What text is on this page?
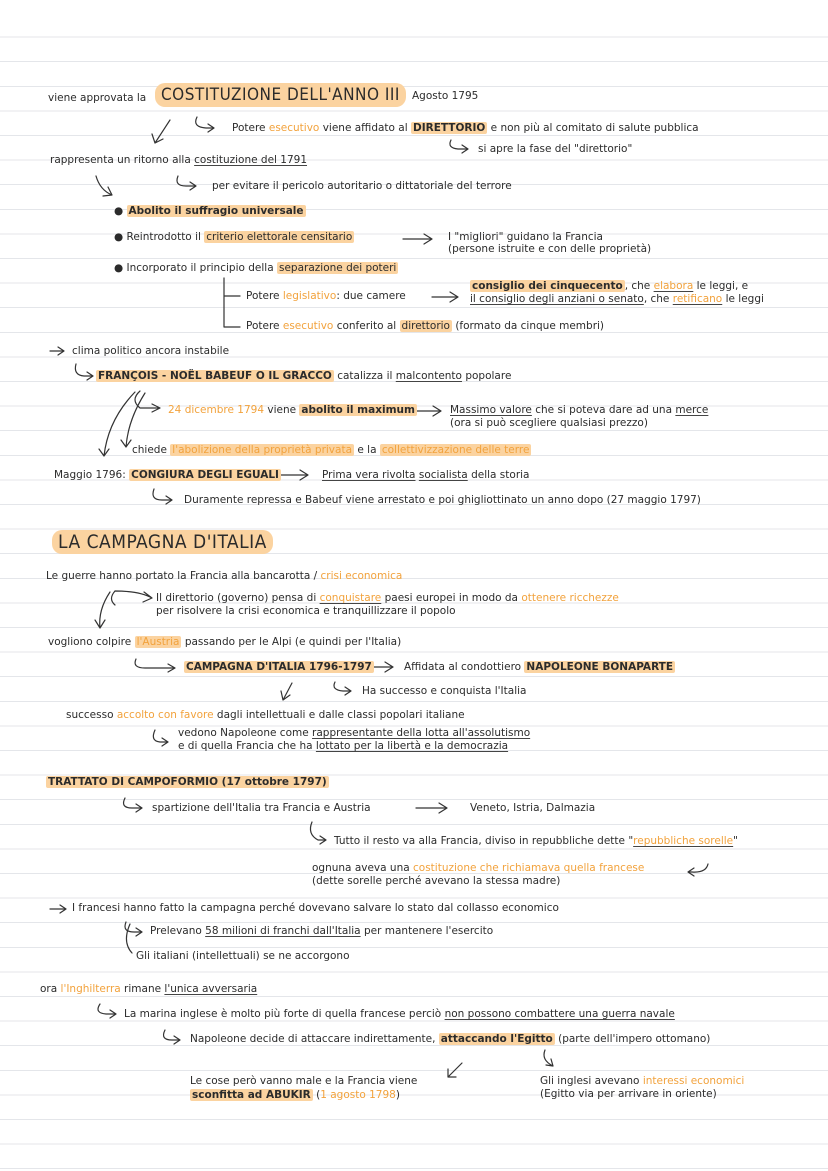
viene approvata la COSTITUZIONE DELL'ANNO III	Agosto 1795
Potere esecutivo viene affidato al DIRETTORIO e non più al comitato di salute pubblica
si apre la fase del "direttorio"
rappresenta un ritorno alla costituzione del 1791
per evitare il pericolo autoritario o dittatoriale del terrore
● Abolito il suffragio universale
● Reintrodotto il criterio elettorale censitario	I "migliori" guidano la Francia
(persone istruite e con delle proprietà)
● Incorporato il principio della separazione dei poteri
Potere legislativo: due camere
consiglio dei cinquecento , che elabora le leggi, e
il consiglio degli anziani o senato, che retificano le leggi
Potere esecutivo conferito al direttorio (formato da cinque membri)
clima politico ancora instabile
FRANÇOIS - NOËL BABEUF O IL GRACCO catalizza il malcontento popolare
24 dicembre 1794 viene abolito il maximum	Massimo valore che si poteva dare ad una merce
(ora si può scegliere qualsiasi prezzo)
chiede l'abolizione della proprietà privata e la collettivizzazione delle terre
Maggio 1796: CONGIURA DEGLI EGUALI	Prima vera rivolta socialista della storia
Duramente repressa e Babeuf viene arrestato e poi ghigliottinato un anno dopo (27 maggio 1797)
LA CAMPAGNA D'ITALIA
Le guerre hanno portato la Francia alla bancarotta / crisi economica
Il direttorio (governo) pensa di conquistare paesi europei in modo da ottenere ricchezze
per risolvere la crisi economica e tranquillizzare il popolo
vogliono colpire l'Austria passando per le Alpi (e quindi per l'Italia)
CAMPAGNA D'ITALIA 1796-1797	Affidata al condottiero NAPOLEONE BONAPARTE
Ha successo e conquista l'Italia
successo accolto con favore dagli intellettuali e dalle classi popolari italiane
vedono Napoleone come rappresentante della lotta all'assolutismo
e di quella Francia che ha lottato per la libertà e la democrazia
TRATTATO DI CAMPOFORMIO (17 ottobre 1797)
spartizione dell'Italia tra Francia e Austria	Veneto, Istria, Dalmazia
Tutto il resto va alla Francia, diviso in repubbliche dette "repubbliche sorelle"
ognuna aveva una costituzione che richiamava quella francese
(dette sorelle perché avevano la stessa madre)
I francesi hanno fatto la campagna perché dovevano salvare lo stato dal collasso economico
Prelevano 58 milioni di franchi dall'Italia per mantenere l'esercito
Gli italiani (intellettuali) se ne accorgono
ora l'Inghilterra rimane l'unica avversaria
La marina inglese è molto più forte di quella francese perciò non possono combattere una guerra navale
Napoleone decide di attaccare indirettamente, attaccando l'Egitto (parte dell'impero ottomano)
Le cose però vanno male e la Francia viene
sconfitta ad ABUKIR (1 agosto 1798)
Gli inglesi avevano interessi economici
(Egitto via per arrivare in oriente)
